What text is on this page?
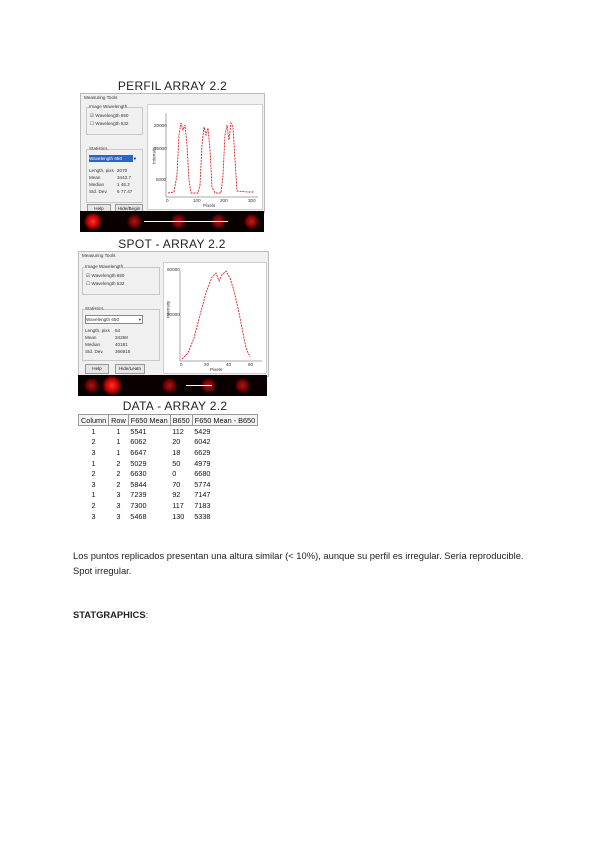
PERFIL ARRAY 2.2
Measuring Tools
Image Wavelength
☑ Wavelength 650
☐ Wavelength 532
Statistics
Wavelength 650	▾
Length, pixs 2070
Mean	3443.7
Median	1 46.2
Std. Dev. 6 77.47
Help	Hide/Begin
20000
15000
5000
Intensity
0	100	200	300
Pixels
SPOT - ARRAY 2.2
Measuring Tools
Image Wavelength
☑ Wavelength 650
☐ Wavelength 532
Statistics
Wavelength 650	▾
Length, pixs 54
Mean	34258
Median	40181
Std. Dev. 366915
Help	Hide/Leatn
60000
30000
Intensity
0	20	40	60
Pixels
DATA - ARRAY 2.2
Column	Row	F650 Mean	B650	F650 Mean - B650
1	1	5541	112	5429
2	1	6062	20	6042
3	1	6647	18	6629
1	2	5029	50	4979
2	2	6630	0	6680
3	2	5844	70	5774
1	3	7239	92	7147
2	3	7300	117	7183
3	3	5468	130	5338
Los puntos replicados presentan una altura similar (< 10%), aunque su perfil es irregular. Sería reproducible. Spot irregular.
STATGRAPHICS:
